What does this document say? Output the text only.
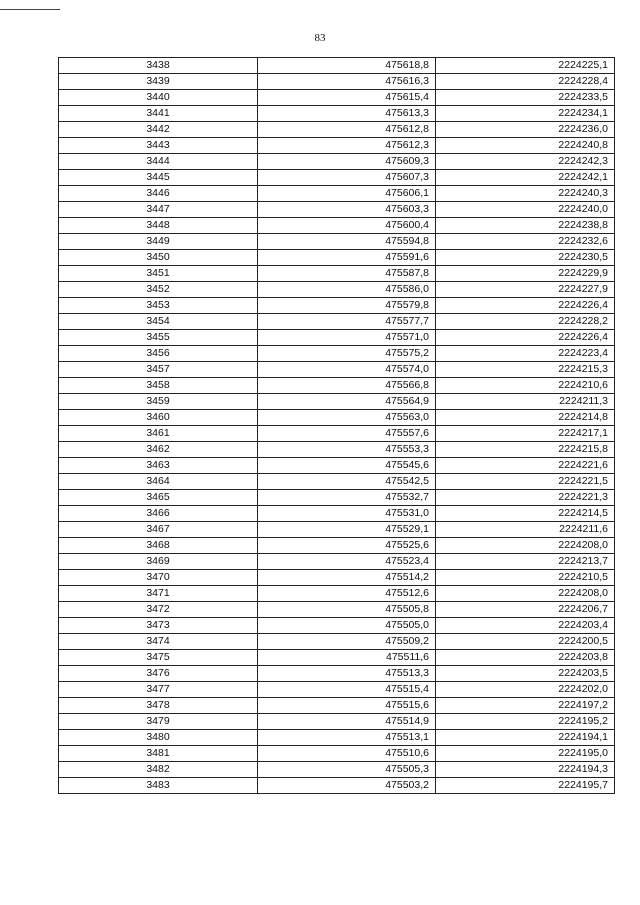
83
3438	475618,8	2224225,1
3439	475616,3	2224228,4
3440	475615,4	2224233,5
3441	475613,3	2224234,1
3442	475612,8	2224236,0
3443	475612,3	2224240,8
3444	475609,3	2224242,3
3445	475607,3	2224242,1
3446	475606,1	2224240,3
3447	475603,3	2224240,0
3448	475600,4	2224238,8
3449	475594,8	2224232,6
3450	475591,6	2224230,5
3451	475587,8	2224229,9
3452	475586,0	2224227,9
3453	475579,8	2224226,4
3454	475577,7	2224228,2
3455	475571,0	2224226,4
3456	475575,2	2224223,4
3457	475574,0	2224215,3
3458	475566,8	2224210,6
3459	475564,9	2224211,3
3460	475563,0	2224214,8
3461	475557,6	2224217,1
3462	475553,3	2224215,8
3463	475545,6	2224221,6
3464	475542,5	2224221,5
3465	475532,7	2224221,3
3466	475531,0	2224214,5
3467	475529,1	2224211,6
3468	475525,6	2224208,0
3469	475523,4	2224213,7
3470	475514,2	2224210,5
3471	475512,6	2224208,0
3472	475505,8	2224206,7
3473	475505,0	2224203,4
3474	475509,2	2224200,5
3475	475511,6	2224203,8
3476	475513,3	2224203,5
3477	475515,4	2224202,0
3478	475515,6	2224197,2
3479	475514,9	2224195,2
3480	475513,1	2224194,1
3481	475510,6	2224195,0
3482	475505,3	2224194,3
3483	475503,2	2224195,7
